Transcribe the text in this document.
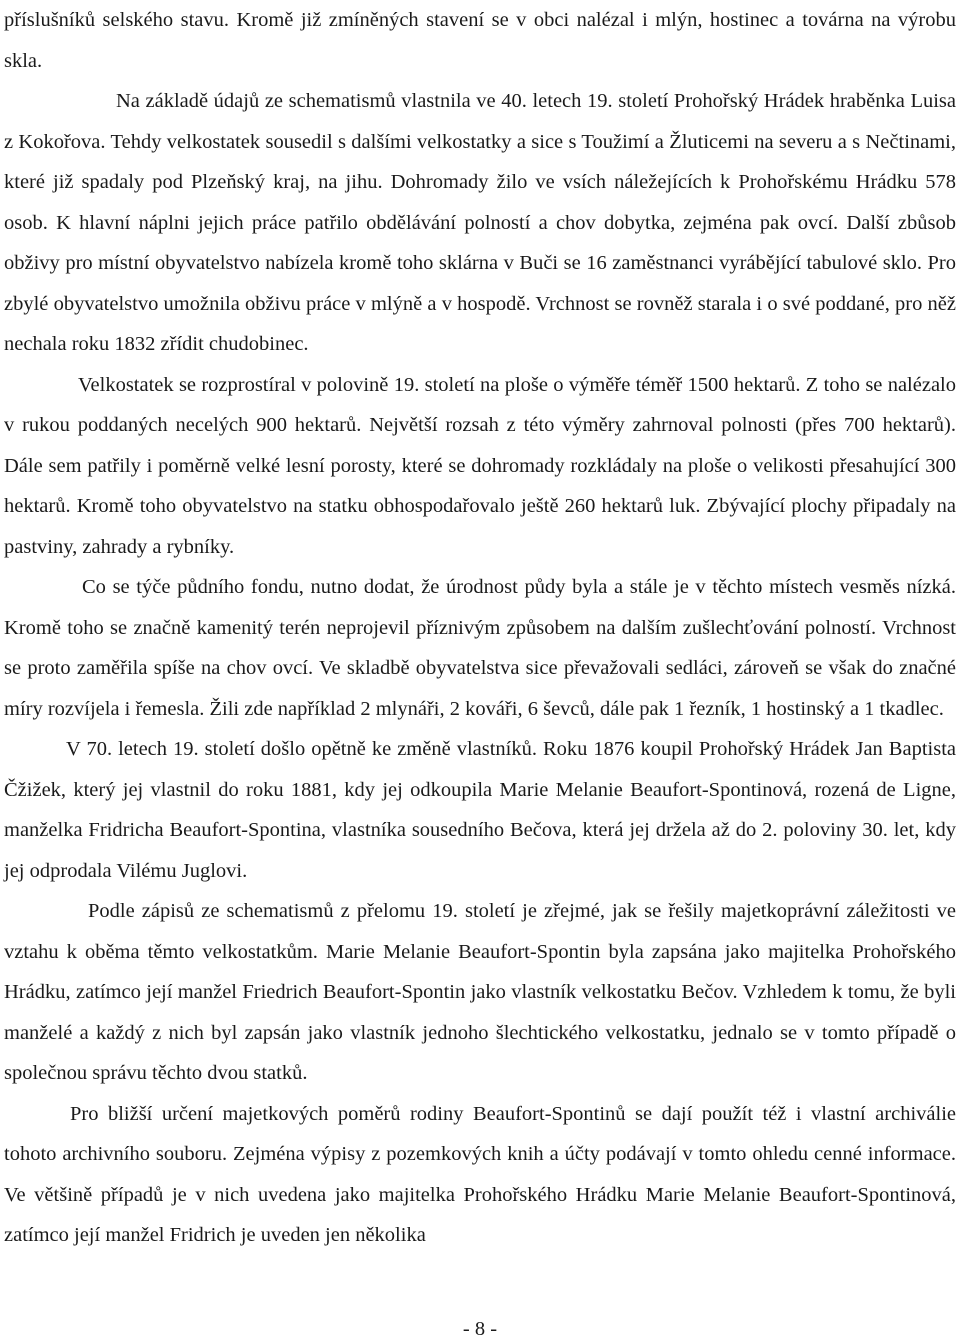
příslušníků selského stavu. Kromě již zmíněných stavení se v obci nalézal i mlýn, hostinec a továrna na výrobu skla.

Na základě údajů ze schematismů vlastnila ve 40. letech 19. století Prohořský Hrádek hraběnka Luisa z Kokořova. Tehdy velkostatek sousedil s dalšími velkostatky a sice s Toužimí a Žluticemi na severu a s Nečtinami, které již spadaly pod Plzeňský kraj, na jihu. Dohromady žilo ve vsích náležejících k Prohořskému Hrádku 578 osob. K hlavní náplni jejich práce patřilo obdělávání polností a chov dobytka, zejména pak ovcí. Další zbůsob obživy pro místní obyvatelstvo nabízela kromě toho sklárna v Buči se 16 zaměstnanci vyrábějící tabulové sklo. Pro zbylé obyvatelstvo umožnila obživu práce v mlýně a v hospodě. Vrchnost se rovněž starala i o své poddané, pro něž nechala roku 1832 zřídit chudobinec.

Velkostatek se rozprostíral v polovině 19. století na ploše o výměře téměř 1500 hektarů. Z toho se nalézalo v rukou poddaných necelých 900 hektarů. Největší rozsah z této výměry zahrnoval polnosti (přes 700 hektarů). Dále sem patřily i poměrně velké lesní porosty, které se dohromady rozkládaly na ploše o velikosti přesahující 300 hektarů. Kromě toho obyvatelstvo na statku obhospodařovalo ještě 260 hektarů luk. Zbývající plochy připadaly na pastviny, zahrady a rybníky.

Co se týče půdního fondu, nutno dodat, že úrodnost půdy byla a stále je v těchto místech vesměs nízká. Kromě toho se značně kamenitý terén neprojevil příznivým způsobem na dalším zušlechťování polností. Vrchnost se proto zaměřila spíše na chov ovcí. Ve skladbě obyvatelstva sice převažovali sedláci, zároveň se však do značné míry rozvíjela i řemesla. Žili zde například 2 mlynáři, 2 kováři, 6 ševců, dále pak 1 řezník, 1 hostinský a 1 tkadlec.

V 70. letech 19. století došlo opětně ke změně vlastníků. Roku 1876 koupil Prohořský Hrádek Jan Baptista Čžižek, který jej vlastnil do roku 1881, kdy jej odkoupila Marie Melanie Beaufort-Spontinová, rozená de Ligne, manželka Fridricha Beaufort-Spontina, vlastníka sousedního Bečova, která jej držela až do 2. poloviny 30. let, kdy jej odprodala Vilému Juglovi.

Podle zápisů ze schematismů z přelomu 19. století je zřejmé, jak se řešily majetkoprávní záležitosti ve vztahu k oběma těmto velkostatkům. Marie Melanie Beaufort-Spontin byla zapsána jako majitelka Prohořského Hrádku, zatímco její manžel Friedrich Beaufort-Spontin jako vlastník velkostatku Bečov. Vzhledem k tomu, že byli manželé a každý z nich byl zapsán jako vlastník jednoho šlechtického velkostatku, jednalo se v tomto případě o společnou správu těchto dvou statků.

Pro bližší určení majetkových poměrů rodiny Beaufort-Spontinů se dají použít též i vlastní archiválie tohoto archivního souboru. Zejména výpisy z pozemkových knih a účty podávají v tomto ohledu cenné informace. Ve většině případů je v nich uvedena jako majitelka Prohořského Hrádku Marie Melanie Beaufort-Spontinová, zatímco její manžel Fridrich je uveden jen několika

- 8 -
